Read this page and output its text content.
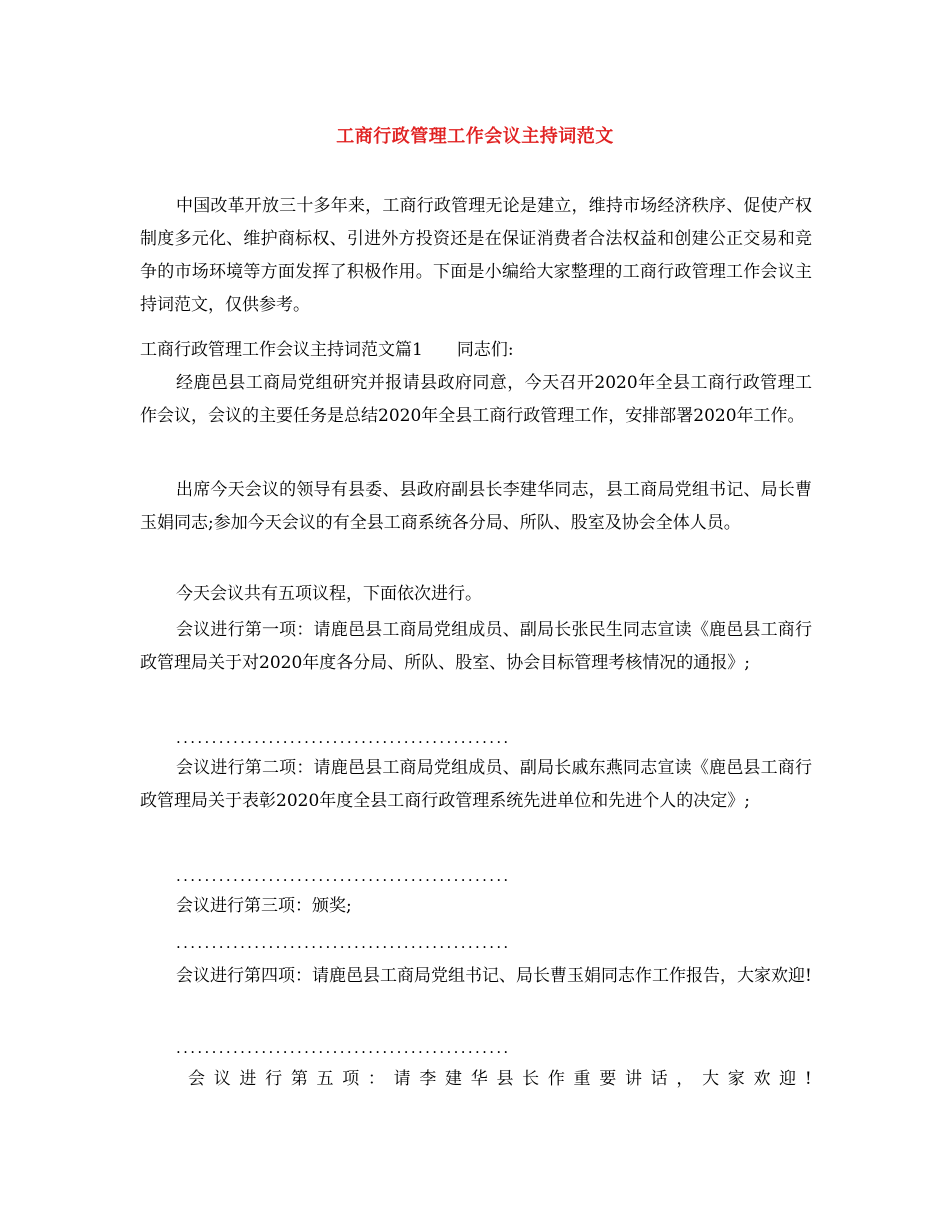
工商行政管理工作会议主持词范文

中国改革开放三十多年来，工商行政管理无论是建立，维持市场经济秩序、促使产权制度多元化、维护商标权、引进外方投资还是在保证消费者合法权益和创建公正交易和竞争的市场环境等方面发挥了积极作用。下面是小编给大家整理的工商行政管理工作会议主持词范文，仅供参考。

工商行政管理工作会议主持词范文篇1 同志们:

经鹿邑县工商局党组研究并报请县政府同意，今天召开2020年全县工商行政管理工作会议，会议的主要任务是总结2020年全县工商行政管理工作，安排部署2020年工作。

出席今天会议的领导有县委、县政府副县长李建华同志，县工商局党组书记、局长曹玉娟同志;参加今天会议的有全县工商系统各分局、所队、股室及协会全体人员。

今天会议共有五项议程，下面依次进行。

会议进行第一项：请鹿邑县工商局党组成员、副局长张民生同志宣读《鹿邑县工商行政管理局关于对2020年度各分局、所队、股室、协会目标管理考核情况的通报》;

...............................................

会议进行第二项：请鹿邑县工商局党组成员、副局长戚东燕同志宣读《鹿邑县工商行政管理局关于表彰2020年度全县工商行政管理系统先进单位和先进个人的决定》;

...............................................

会议进行第三项：颁奖;

...............................................

会议进行第四项：请鹿邑县工商局党组书记、局长曹玉娟同志作工作报告，大家欢迎!

...............................................
会 议 进 行 第 五 项 ： 请 李 建 华 县 长 作 重 要 讲 话 ， 大 家 欢 迎 !
